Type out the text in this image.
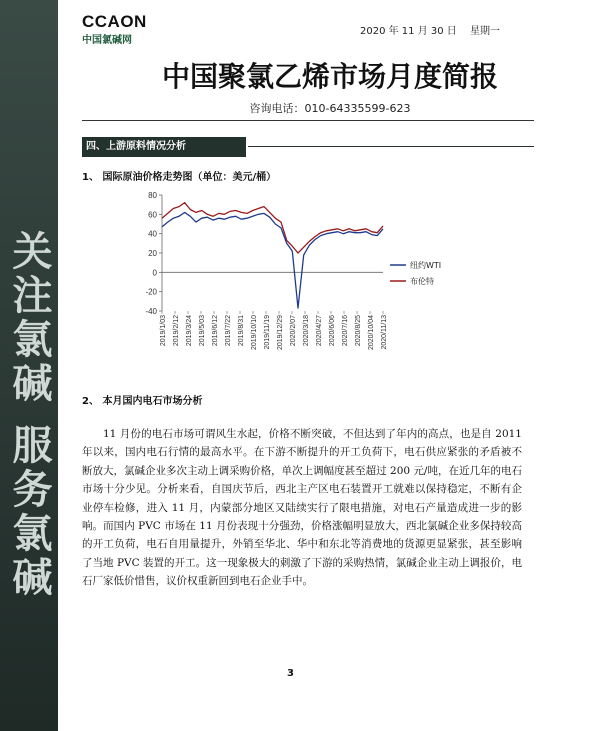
关注氯碱 服务氯碱
CCAON
中国氯碱网
2020 年 11 月 30 日 星期一
中国聚氯乙烯市场月度简报
咨询电话：010-64335599-623
四、上游原料情况分析
1、 国际原油价格走势图（单位：美元/桶）
-40
-20
0
20
40
60
80
纽约WTI
布伦特
2019/1/03 2019/2/12 2019/3/24 2019/5/03 2019/6/12 2019/7/22 2019/8/31 2019/10/10 2019/11/19 2019/12/29 2020/2/07 2020/3/18 2020/4/27 2020/6/06 2020/7/16 2020/8/25 2020/10/04 2020/11/13
2、 本月国内电石市场分析
11 月份的电石市场可谓风生水起，价格不断突破，不但达到了年内的高点，也是自 2011 年以来，国内电石行情的最高水平。在下游不断提升的开工负荷下，电石供应紧张的矛盾被不断放大，氯碱企业多次主动上调采购价格，单次上调幅度甚至超过 200 元/吨，在近几年的电石市场十分少见。分析来看，自国庆节后，西北主产区电石装置开工就难以保持稳定，不断有企业停车检修，进入 11 月，内蒙部分地区又陆续实行了限电措施，对电石产量造成进一步的影响。而国内 PVC 市场在 11 月份表现十分强劲，价格涨幅明显放大，西北氯碱企业多保持较高的开工负荷，电石自用量提升，外销至华北、华中和东北等消费地的货源更显紧张，甚至影响了当地 PVC 装置的开工。这一现象极大的刺激了下游的采购热情，氯碱企业主动上调报价，电石厂家低价惜售，议价权重新回到电石企业手中。
3
